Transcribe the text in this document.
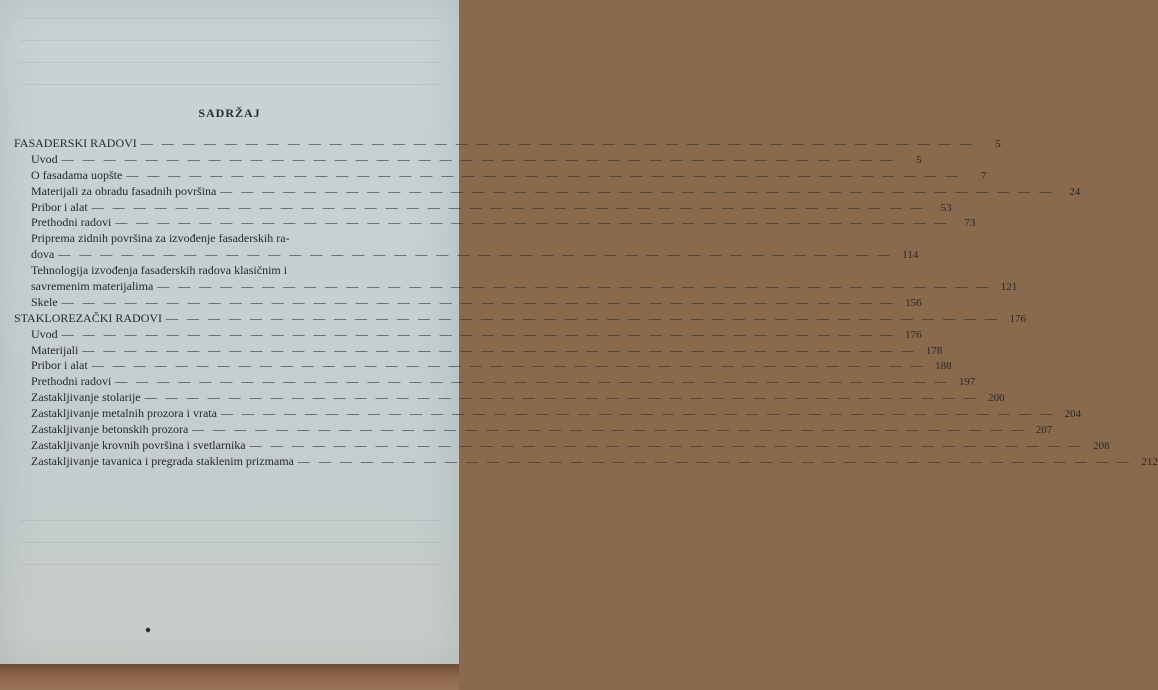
SADRŽAJ
FASADERSKI RADOVI — — — — — — — — — — — — — — — — — — — — — — — — — — — — — — — — — — — — — — — —	5
Uvod — — — — — — — — — — — — — — — — — — — — — — — — — — — — — — — — — — — — — — — —	5
O fasadama uopšte — — — — — — — — — — — — — — — — — — — — — — — — — — — — — — — — — — — — — — — —	7
Materijali za obradu fasadnih površina — — — — — — — — — — — — — — — — — — — — — — — — — — — — — — — — — — — — — — — —	24
Pribor i alat — — — — — — — — — — — — — — — — — — — — — — — — — — — — — — — — — — — — — — — —	53
Prethodni radovi — — — — — — — — — — — — — — — — — — — — — — — — — — — — — — — — — — — — — — — —	73
Priprema zidnih površina za izvođenje fasaderskih ra-
dova — — — — — — — — — — — — — — — — — — — — — — — — — — — — — — — — — — — — — — — — 114
Tehnologija izvođenja fasaderskih radova klasičnim i
savremenim materijalima — — — — — — — — — — — — — — — — — — — — — — — — — — — — — — — — — — — — — — — — 121
Skele — — — — — — — — — — — — — — — — — — — — — — — — — — — — — — — — — — — — — — — — 156
STAKLOREZAČKI RADOVI — — — — — — — — — — — — — — — — — — — — — — — — — — — — — — — — — — — — — — — — 176
Uvod — — — — — — — — — — — — — — — — — — — — — — — — — — — — — — — — — — — — — — — — 176
Materijali — — — — — — — — — — — — — — — — — — — — — — — — — — — — — — — — — — — — — — — — 178
Pribor i alat — — — — — — — — — — — — — — — — — — — — — — — — — — — — — — — — — — — — — — — — 188
Prethodni radovi — — — — — — — — — — — — — — — — — — — — — — — — — — — — — — — — — — — — — — — — 197
Zastakljivanje stolarije — — — — — — — — — — — — — — — — — — — — — — — — — — — — — — — — — — — — — — — — 200
Zastakljivanje metalnih prozora i vrata — — — — — — — — — — — — — — — — — — — — — — — — — — — — — — — — — — — — — — — — 204
Zastakljivanje betonskih prozora — — — — — — — — — — — — — — — — — — — — — — — — — — — — — — — — — — — — — — — — 207
Zastakljivanje krovnih površina i svetlarnika — — — — — — — — — — — — — — — — — — — — — — — — — — — — — — — — — — — — — — — — 208
Zastakljivanje tavanica i pregrada staklenim prizmama — — — — — — — — — — — — — — — — — — — — — — — — — — — — — — — — — — — — — — — — 212
